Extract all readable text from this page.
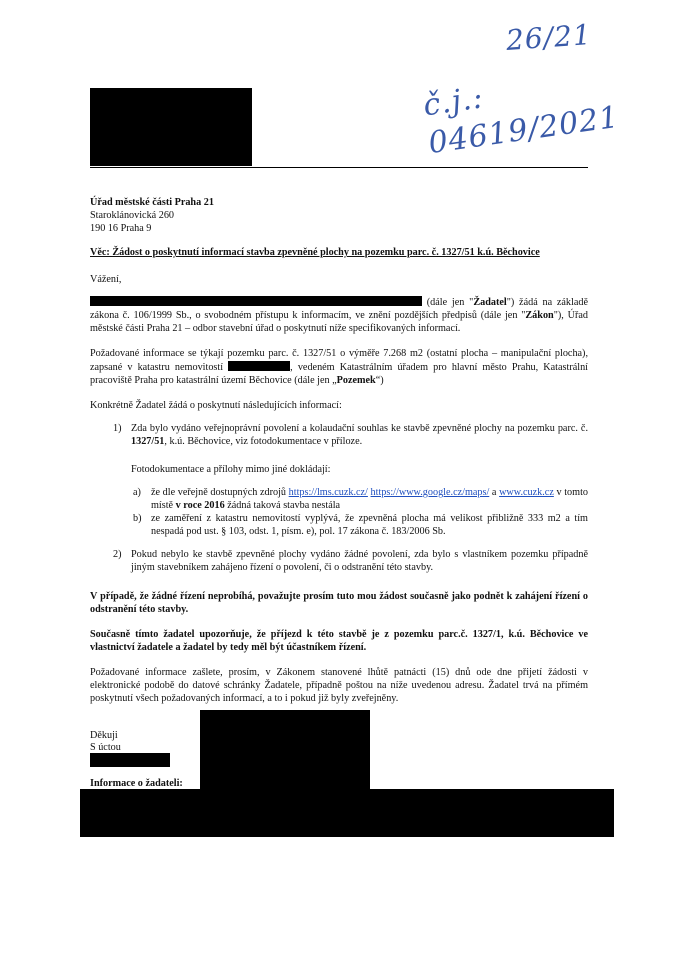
26/21
č.j.: 04619/2021
Úřad městské části Praha 21
Staroklánovická 260
190 16 Praha 9
Věc: Žádost o poskytnutí informací stavba zpevněné plochy na pozemku parc. č. 1327/51 k.ú. Běchovice
Vážení,
(dále jen "Žadatel") žádá na základě zákona č. 106/1999 Sb., o svobodném přístupu k informacím, ve znění pozdějších předpisů (dále jen "Zákon"), Úřad městské části Praha 21 – odbor stavební úřad o poskytnutí níže specifikovaných informací.
Požadované informace se týkají pozemku parc. č. 1327/51 o výměře 7.268 m2 (ostatní plocha – manipulační plocha), zapsané v katastru nemovitostí	, vedeném Katastrálním úřadem pro hlavní město Prahu, Katastrální pracoviště Praha pro katastrální území Běchovice (dále jen „Pozemek“)
Konkrétně Žadatel žádá o poskytnutí následujících informací:
1) Zda bylo vydáno veřejnoprávní povolení a kolaudační souhlas ke stavbě zpevněné plochy na pozemku parc. č. 1327/51, k.ú. Běchovice, viz fotodokumentace v příloze.
Fotodokumentace a přílohy mimo jiné dokládají:
a) že dle veřejně dostupných zdrojů https://lms.cuzk.cz/ https://www.google.cz/maps/ a www.cuzk.cz v tomto místě v roce 2016 žádná taková stavba nestála
b) ze zaměření z katastru nemovitostí vyplývá, že zpevněná plocha má velikost přibližně 333 m2 a tím nespadá pod ust. § 103, odst. 1, písm. e), pol. 17 zákona č. 183/2006 Sb.
2) Pokud nebylo ke stavbě zpevněné plochy vydáno žádné povolení, zda bylo s vlastníkem pozemku případně jiným stavebníkem zahájeno řízení o povolení, či o odstranění této stavby.
V případě, že žádné řízení neprobíhá, považujte prosím tuto mou žádost současně jako podnět k zahájení řízení o odstranění této stavby.
Současně tímto žadatel upozorňuje, že příjezd k této stavbě je z pozemku parc.č. 1327/1, k.ú. Běchovice ve vlastnictví žadatele a žadatel by tedy měl být účastníkem řízení.
Požadované informace zašlete, prosím, v Zákonem stanovené lhůtě patnácti (15) dnů ode dne přijetí žádosti v elektronické podobě do datové schránky Žadatele, případně poštou na níže uvedenou adresu. Žadatel trvá na přímém poskytnutí všech požadovaných informací, a to i pokud již byly zveřejněny.
Děkuji
S úctou
Informace o žadateli:
